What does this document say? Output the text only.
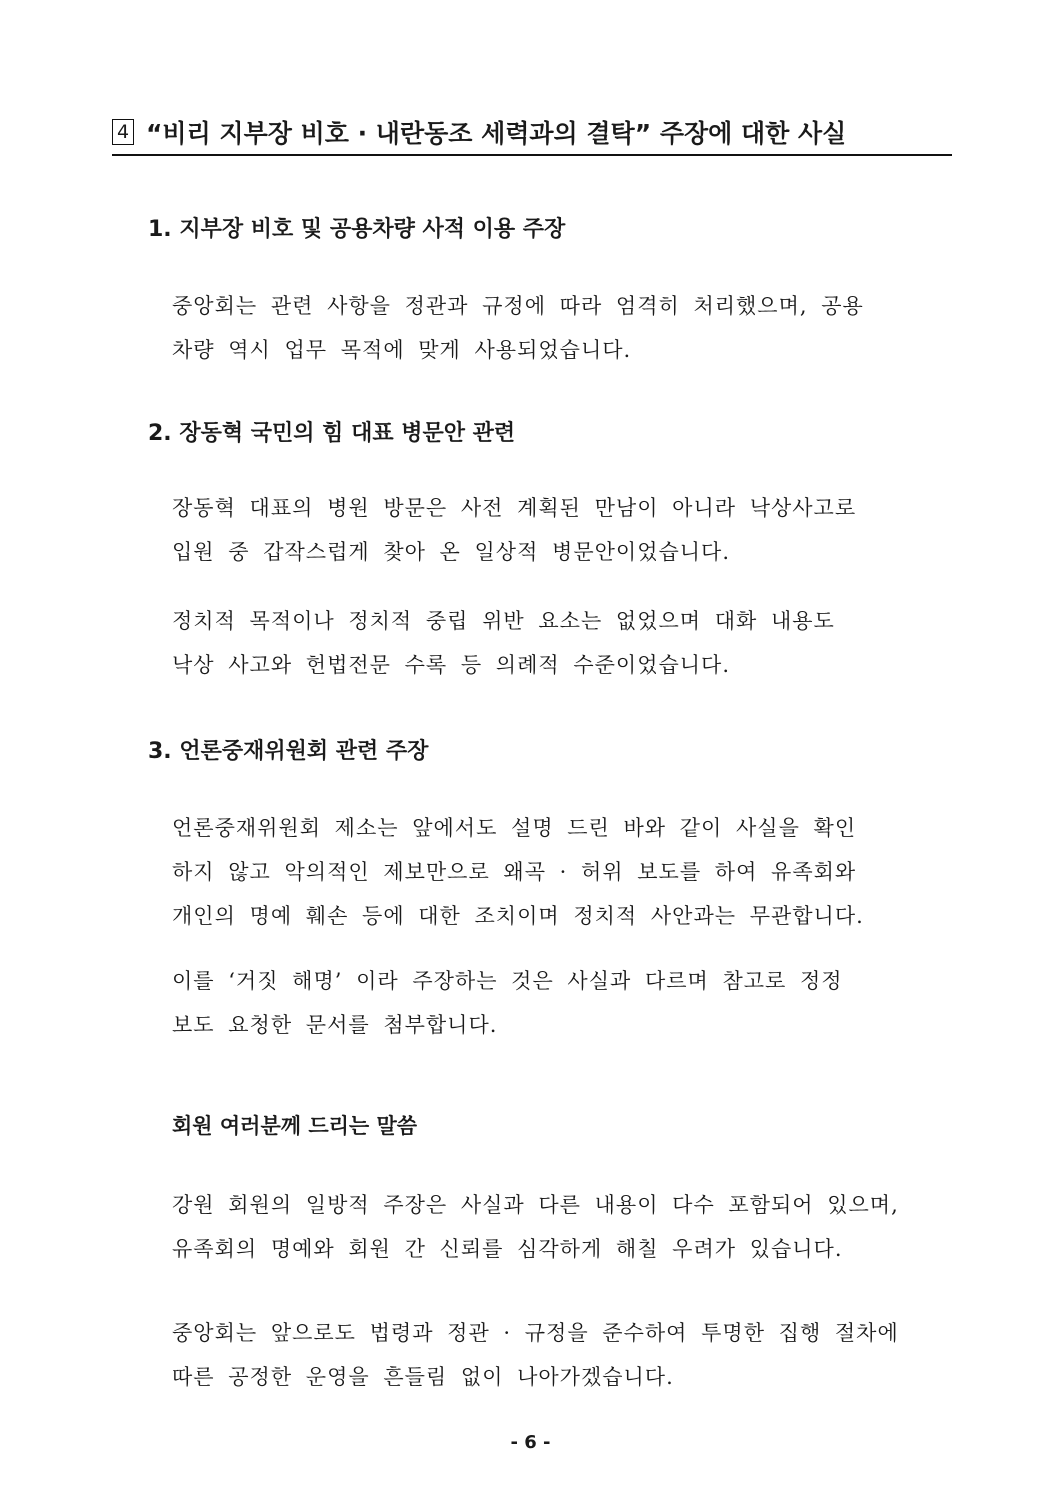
4 “비리 지부장 비호 · 내란동조 세력과의 결탁” 주장에 대한 사실
1. 지부장 비호 및 공용차량 사적 이용 주장

중앙회는 관련 사항을 정관과 규정에 따라 엄격히 처리했으며, 공용

차량 역시 업무 목적에 맞게 사용되었습니다.

2. 장동혁 국민의 힘 대표 병문안 관련

장동혁 대표의 병원 방문은 사전 계획된 만남이 아니라 낙상사고로

입원 중 갑작스럽게 찾아 온 일상적 병문안이었습니다.

정치적 목적이나 정치적 중립 위반 요소는 없었으며 대화 내용도

낙상 사고와 헌법전문 수록 등 의례적 수준이었습니다.

3. 언론중재위원회 관련 주장

언론중재위원회 제소는 앞에서도 설명 드린 바와 같이 사실을 확인

하지 않고 악의적인 제보만으로 왜곡 · 허위 보도를 하여 유족회와

개인의 명예 훼손 등에 대한 조치이며 정치적 사안과는 무관합니다.

이를 ‘거짓 해명’ 이라 주장하는 것은 사실과 다르며 참고로 정정

보도 요청한 문서를 첨부합니다.

회원 여러분께 드리는 말씀

강원 회원의 일방적 주장은 사실과 다른 내용이 다수 포함되어 있으며,

유족회의 명예와 회원 간 신뢰를 심각하게 해칠 우려가 있습니다.

중앙회는 앞으로도 법령과 정관 · 규정을 준수하여 투명한 집행 절차에

따른 공정한 운영을 흔들림 없이 나아가겠습니다.

- 6 -
